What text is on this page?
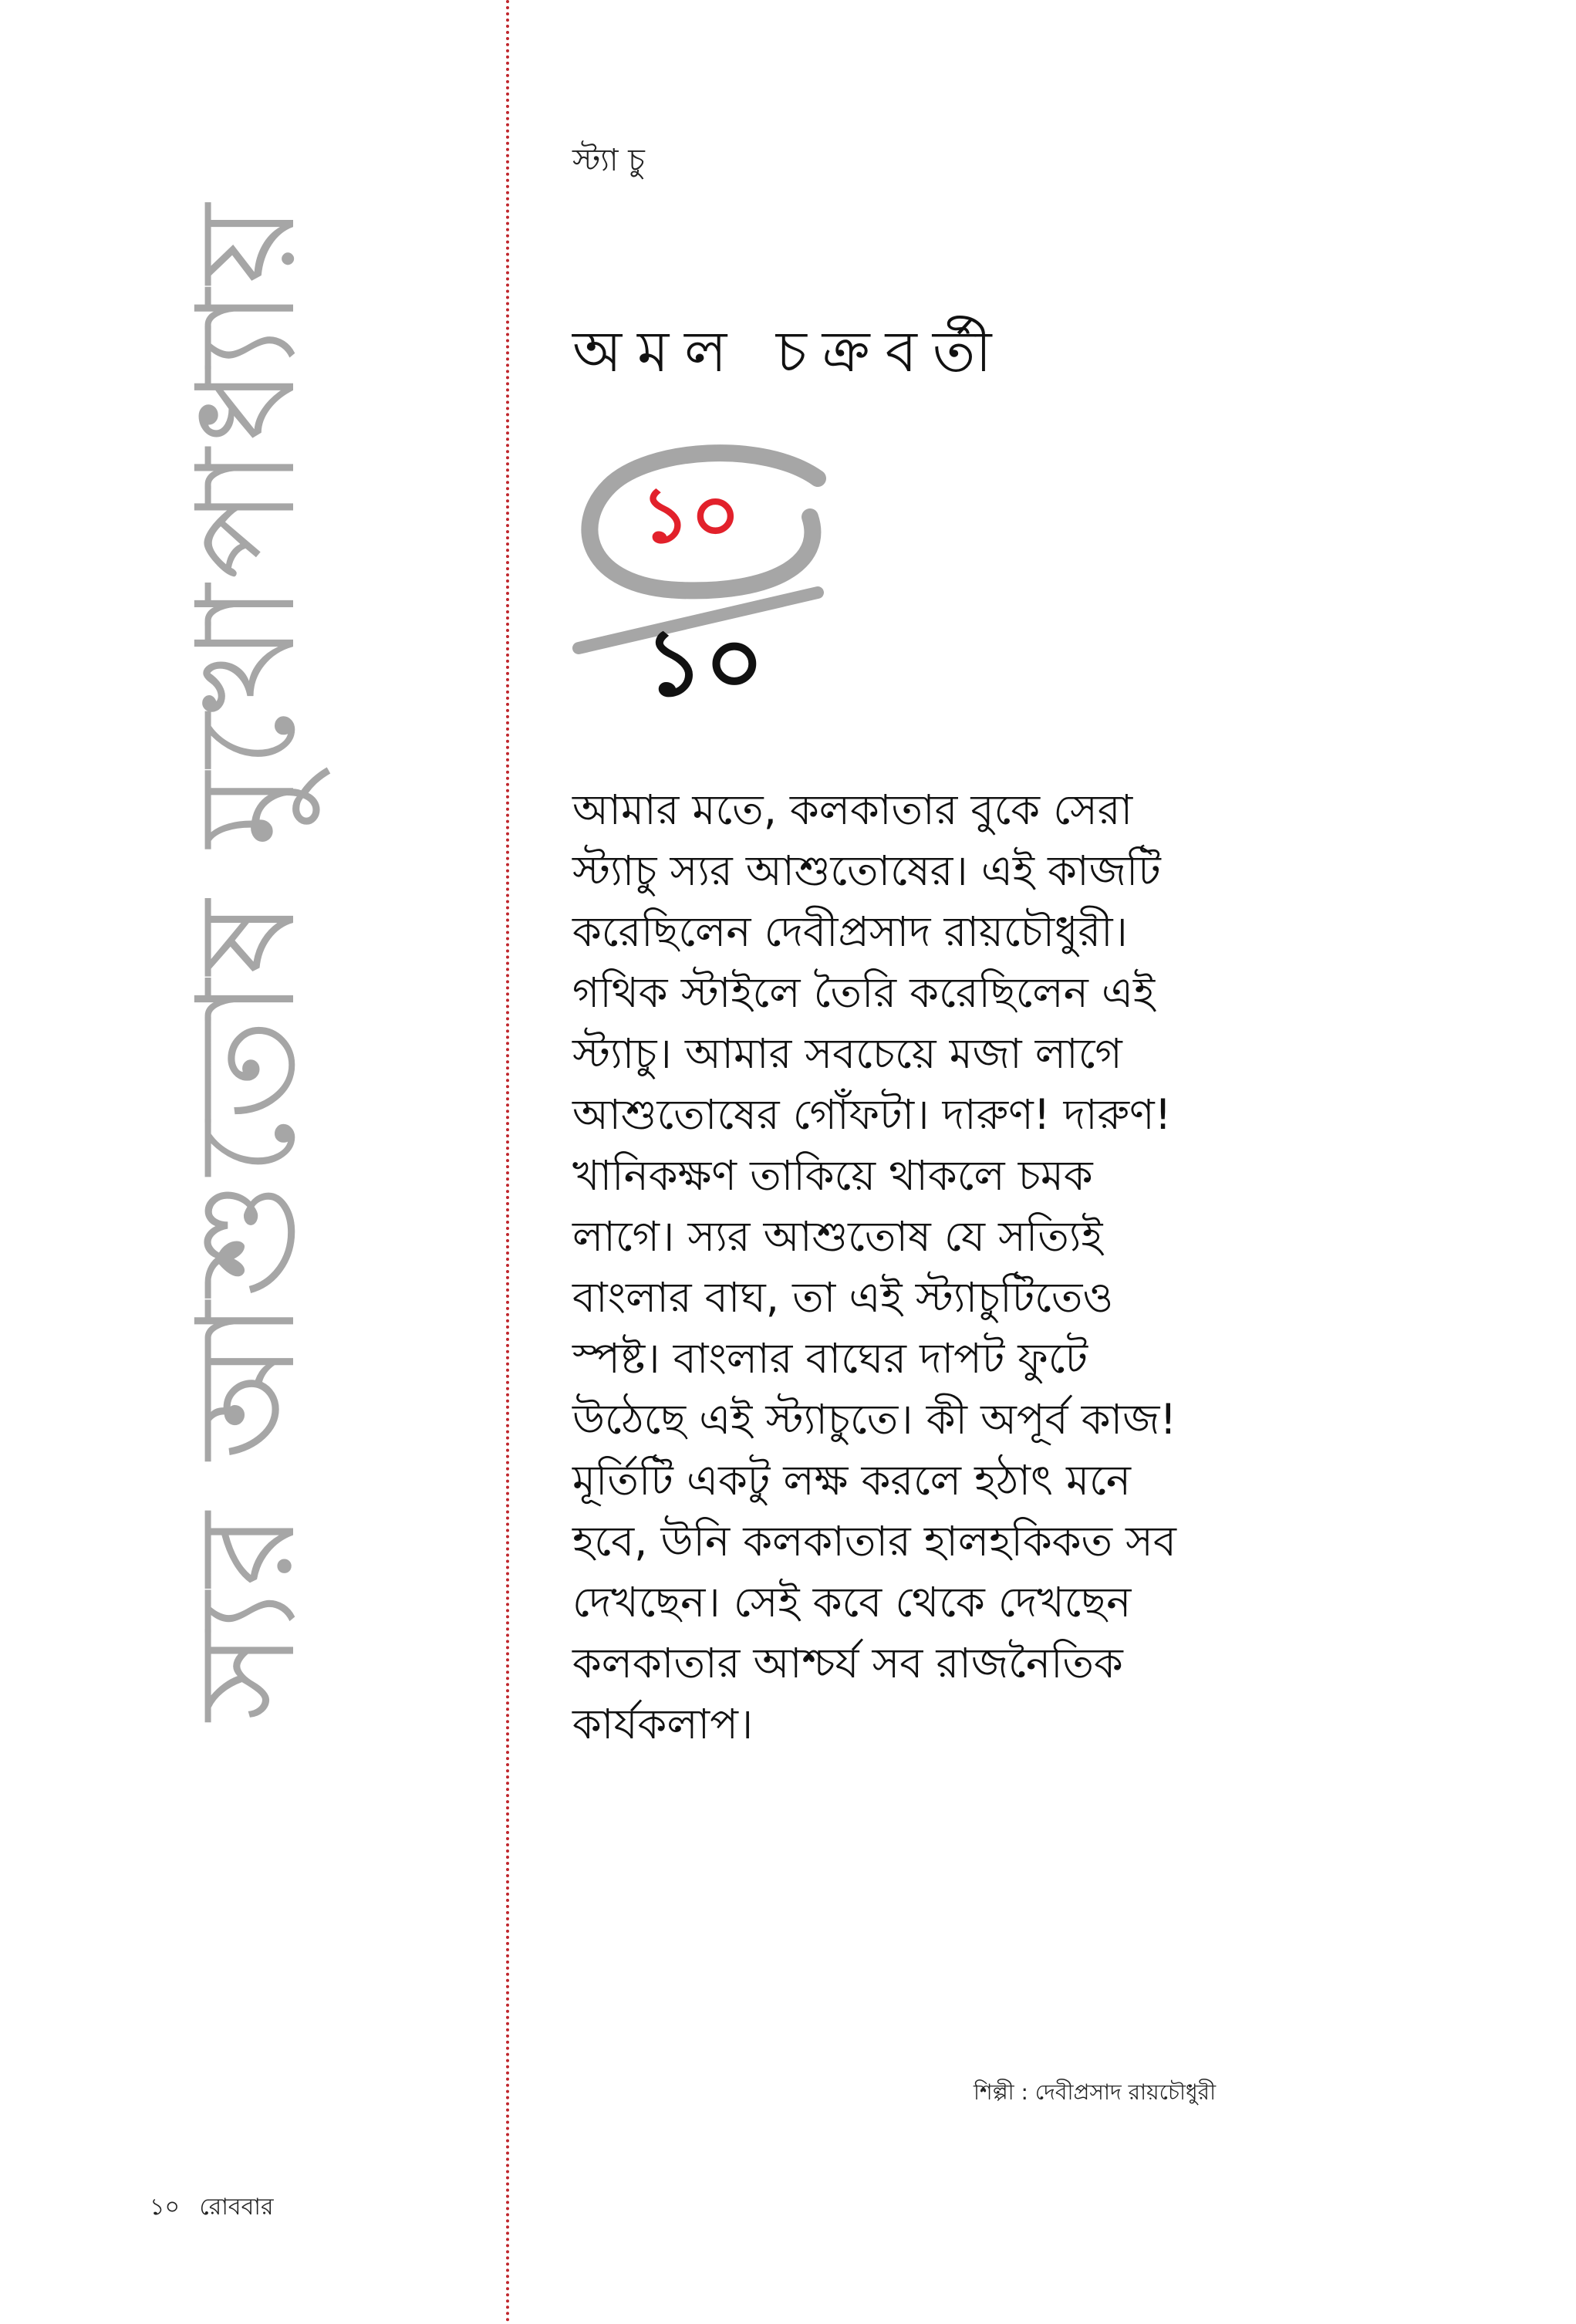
স্যর আশুতোষ মুখোপাধ্যায়
স্ট্যা চু
অমল চক্রবর্তী
১০
১০
আমার মতে, কলকাতার বুকে সেরা
স্ট্যাচু স্যর আশুতোষের। এই কাজটি
করেছিলেন দেবীপ্রসাদ রায়চৌধুরী।
গথিক স্টাইলে তৈরি করেছিলেন এই
স্ট্যাচু। আমার সবচেয়ে মজা লাগে
আশুতোষের গোঁফটা। দারুণ! দারুণ!
খানিকক্ষণ তাকিয়ে থাকলে চমক
লাগে। স্যর আশুতোষ যে সত্যিই
বাংলার বাঘ, তা এই স্ট্যাচুটিতেও
স্পষ্ট। বাংলার বাঘের দাপট ফুটে
উঠেছে এই স্ট্যাচুতে। কী অপূর্ব কাজ!
মূর্তিটি একটু লক্ষ করলে হঠাৎ মনে
হবে, উনি কলকাতার হালহকিকত সব
দেখছেন। সেই কবে থেকে দেখছেন
কলকাতার আশ্চর্য সব রাজনৈতিক
কার্যকলাপ।
শিল্পী : দেবীপ্রসাদ রায়চৌধুরী
১০ রোববার
